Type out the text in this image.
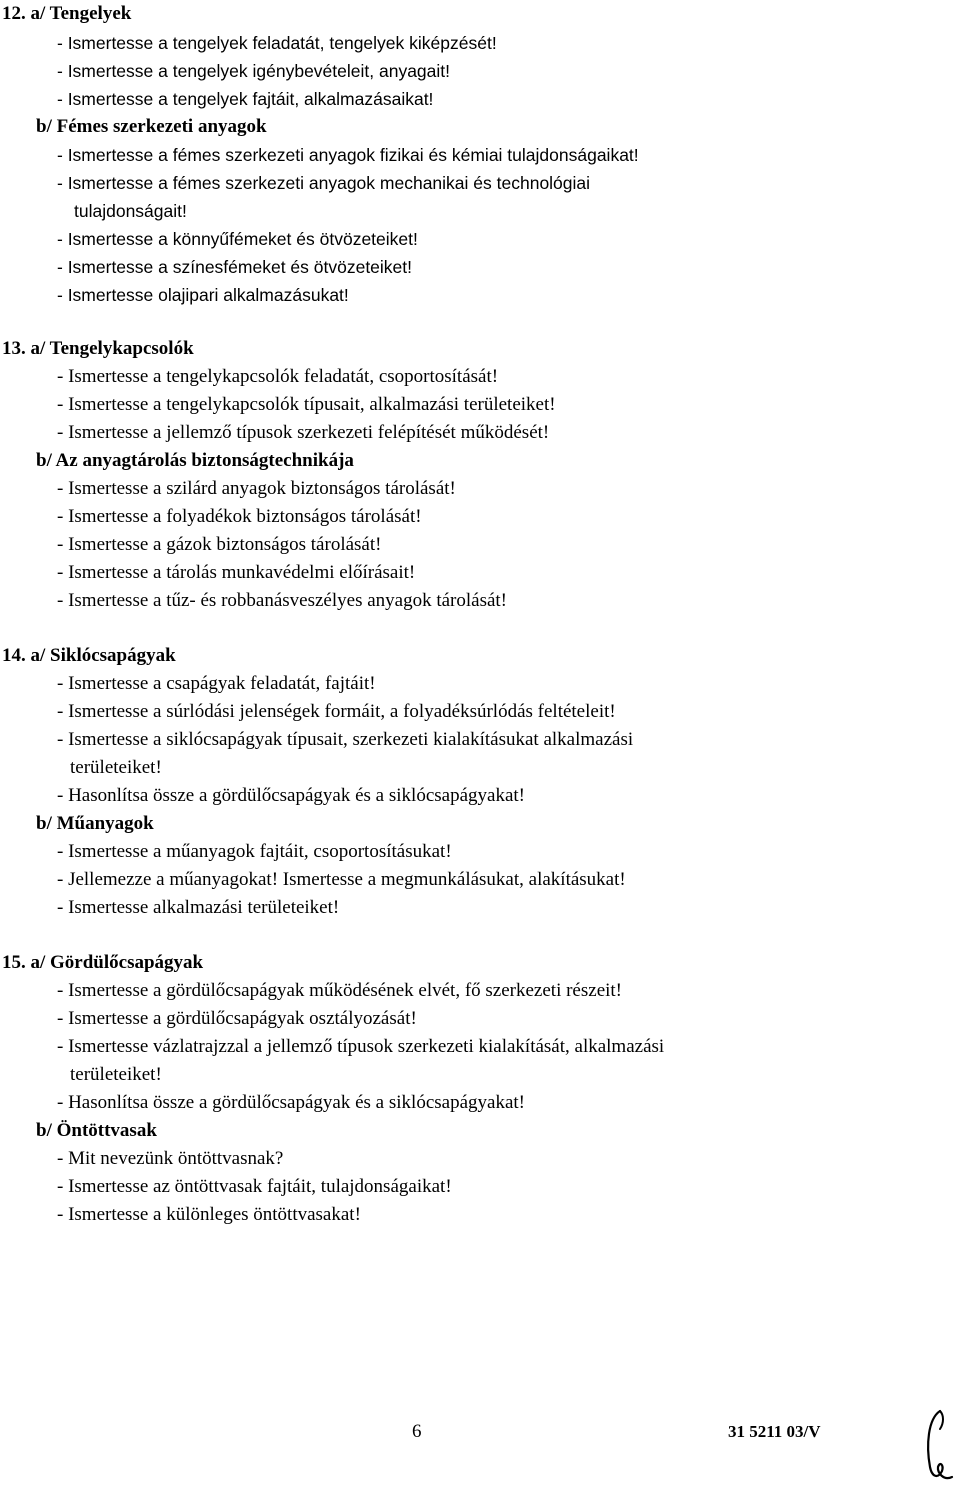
12. a/ Tengelyek
- Ismertesse a tengelyek feladatát, tengelyek kiképzését!
- Ismertesse a tengelyek igénybevételeit, anyagait!
- Ismertesse a tengelyek fajtáit, alkalmazásaikat!
b/ Fémes szerkezeti anyagok
- Ismertesse a fémes szerkezeti anyagok fizikai és kémiai tulajdonságaikat!
- Ismertesse a fémes szerkezeti anyagok mechanikai és technológiai
tulajdonságait!
- Ismertesse a könnyűfémeket és ötvözeteiket!
- Ismertesse a színesfémeket és ötvözeteiket!
- Ismertesse olajipari alkalmazásukat!
13. a/ Tengelykapcsolók
- Ismertesse a tengelykapcsolók feladatát, csoportosítását!
- Ismertesse a tengelykapcsolók típusait, alkalmazási területeiket!
- Ismertesse a jellemző típusok szerkezeti felépítését működését!
b/ Az anyagtárolás biztonságtechnikája
- Ismertesse a szilárd anyagok biztonságos tárolását!
- Ismertesse a folyadékok biztonságos tárolását!
- Ismertesse a gázok biztonságos tárolását!
- Ismertesse a tárolás munkavédelmi előírásait!
- Ismertesse a tűz- és robbanásveszélyes anyagok tárolását!
14. a/ Siklócsapágyak
- Ismertesse a csapágyak feladatát, fajtáit!
- Ismertesse a súrlódási jelenségek formáit, a folyadéksúrlódás feltételeit!
- Ismertesse a siklócsapágyak típusait, szerkezeti kialakításukat alkalmazási
területeiket!
- Hasonlítsa össze a gördülőcsapágyak és a siklócsapágyakat!
b/ Műanyagok
- Ismertesse a műanyagok fajtáit, csoportosításukat!
- Jellemezze a műanyagokat! Ismertesse a megmunkálásukat, alakításukat!
- Ismertesse alkalmazási területeiket!
15. a/ Gördülőcsapágyak
- Ismertesse a gördülőcsapágyak működésének elvét, fő szerkezeti részeit!
- Ismertesse a gördülőcsapágyak osztályozását!
- Ismertesse vázlatrajzzal a jellemző típusok szerkezeti kialakítását, alkalmazási
területeiket!
- Hasonlítsa össze a gördülőcsapágyak és a siklócsapágyakat!
b/ Öntöttvasak
- Mit nevezünk öntöttvasnak?
- Ismertesse az öntöttvasak fajtáit, tulajdonságaikat!
- Ismertesse a különleges öntöttvasakat!
6	31 5211 03/V
